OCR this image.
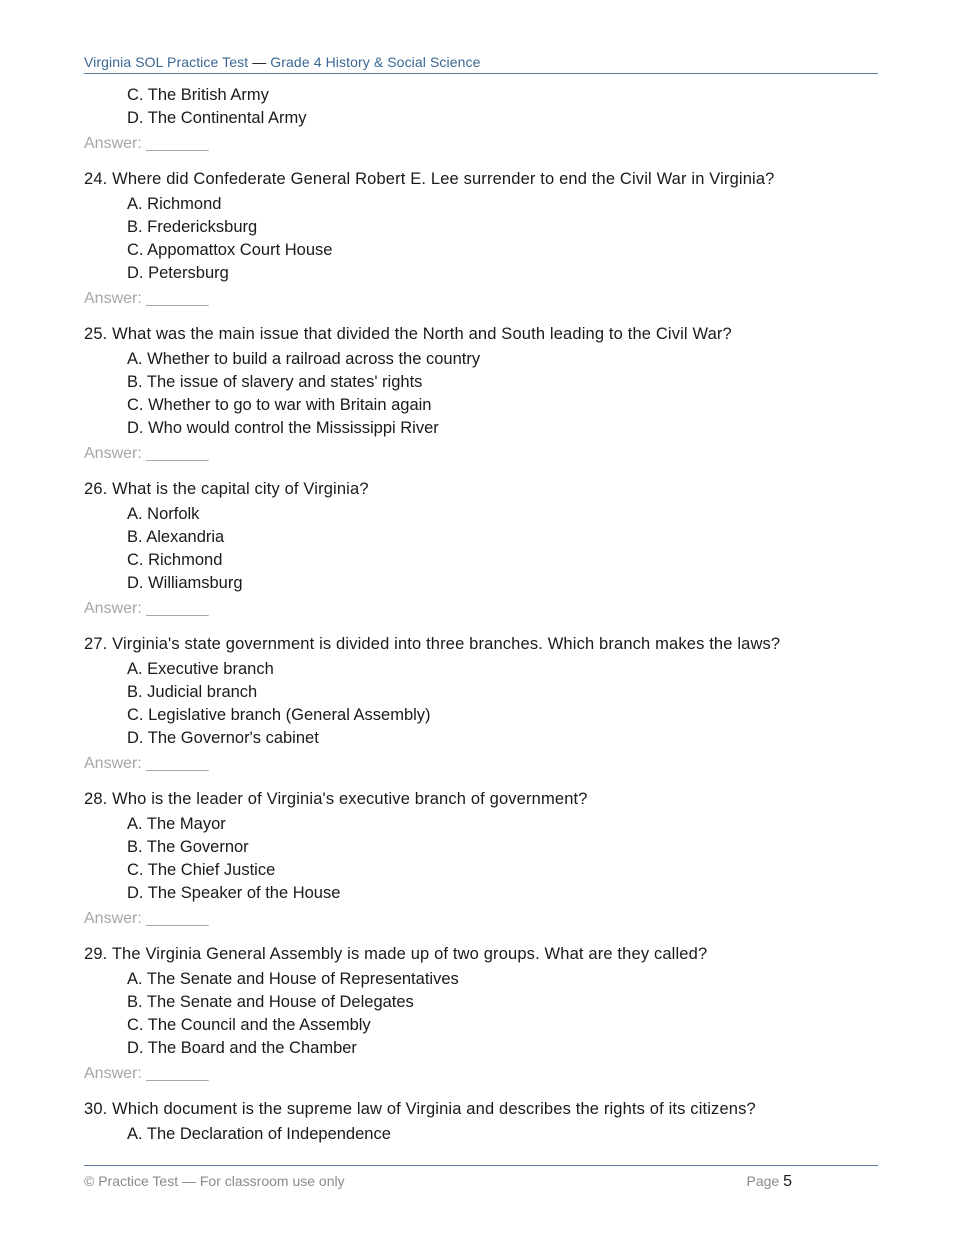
Virginia SOL Practice Test — Grade 4 History & Social Science
C. The British Army
D. The Continental Army
Answer: _______
24. Where did Confederate General Robert E. Lee surrender to end the Civil War in Virginia?
A. Richmond
B. Fredericksburg
C. Appomattox Court House
D. Petersburg
Answer: _______
25. What was the main issue that divided the North and South leading to the Civil War?
A. Whether to build a railroad across the country
B. The issue of slavery and states' rights
C. Whether to go to war with Britain again
D. Who would control the Mississippi River
Answer: _______
26. What is the capital city of Virginia?
A. Norfolk
B. Alexandria
C. Richmond
D. Williamsburg
Answer: _______
27. Virginia's state government is divided into three branches. Which branch makes the laws?
A. Executive branch
B. Judicial branch
C. Legislative branch (General Assembly)
D. The Governor's cabinet
Answer: _______
28. Who is the leader of Virginia's executive branch of government?
A. The Mayor
B. The Governor
C. The Chief Justice
D. The Speaker of the House
Answer: _______
29. The Virginia General Assembly is made up of two groups. What are they called?
A. The Senate and House of Representatives
B. The Senate and House of Delegates
C. The Council and the Assembly
D. The Board and the Chamber
Answer: _______
30. Which document is the supreme law of Virginia and describes the rights of its citizens?
A. The Declaration of Independence
© Practice Test — For classroom use only	Page 5
